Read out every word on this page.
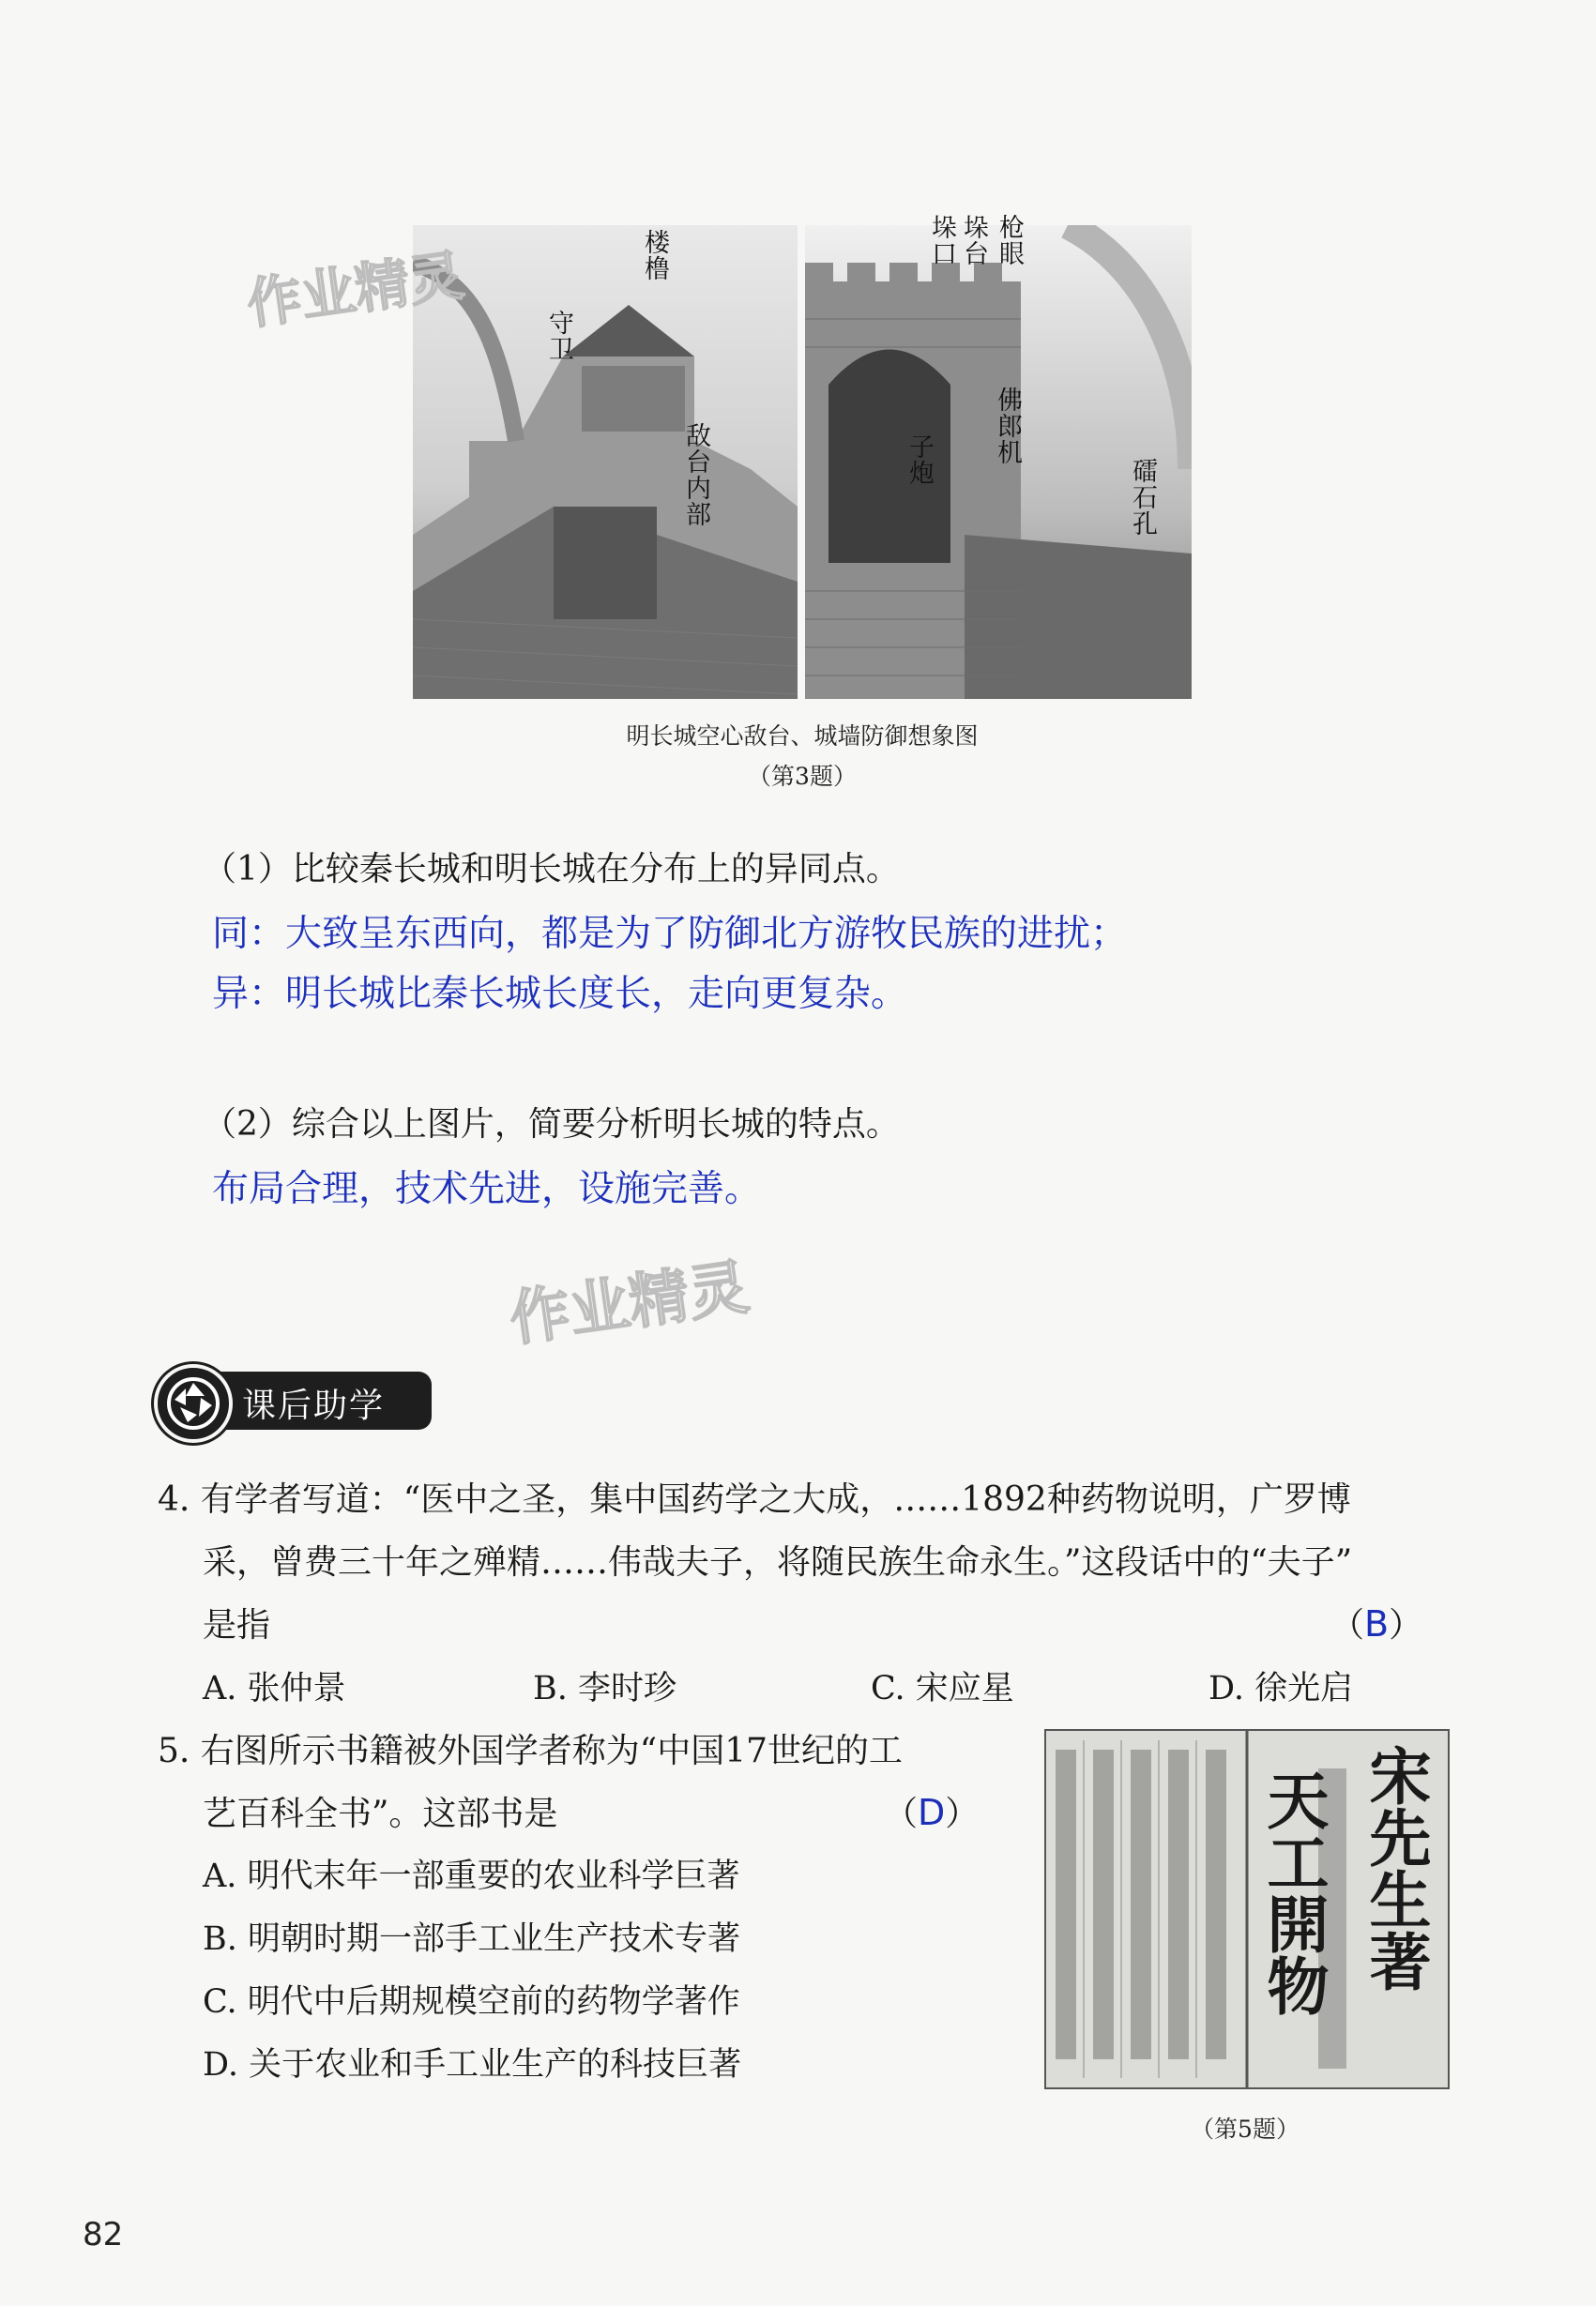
楼橹
守卫
敌台内部
垛口 垛台 枪眼
佛郎机
子炮	礌石孔
明长城空心敌台、城墙防御想象图
（第3题）
作业精灵
作业精灵
（1）比较秦长城和明长城在分布上的异同点。
同：大致呈东西向，都是为了防御北方游牧民族的进扰；
异：明长城比秦长城长度长，走向更复杂。
（2）综合以上图片，简要分析明长城的特点。
布局合理，技术先进，设施完善。
课后助学
4. 有学者写道：“医中之圣，集中国药学之大成，……1892种药物说明，广罗博
采，曾费三十年之殚精……伟哉夫子，将随民族生命永生。”这段话中的“夫子”
是指	（B）
A. 张仲景	B. 李时珍	C. 宋应星	D. 徐光启
5. 右图所示书籍被外国学者称为“中国17世纪的工
艺百科全书”。这部书是	（D）
A. 明代末年一部重要的农业科学巨著
B. 明朝时期一部手工业生产技术专著
C. 明代中后期规模空前的药物学著作
D. 关于农业和手工业生产的科技巨著
天工開物 宋先生著
（第5题）
82
